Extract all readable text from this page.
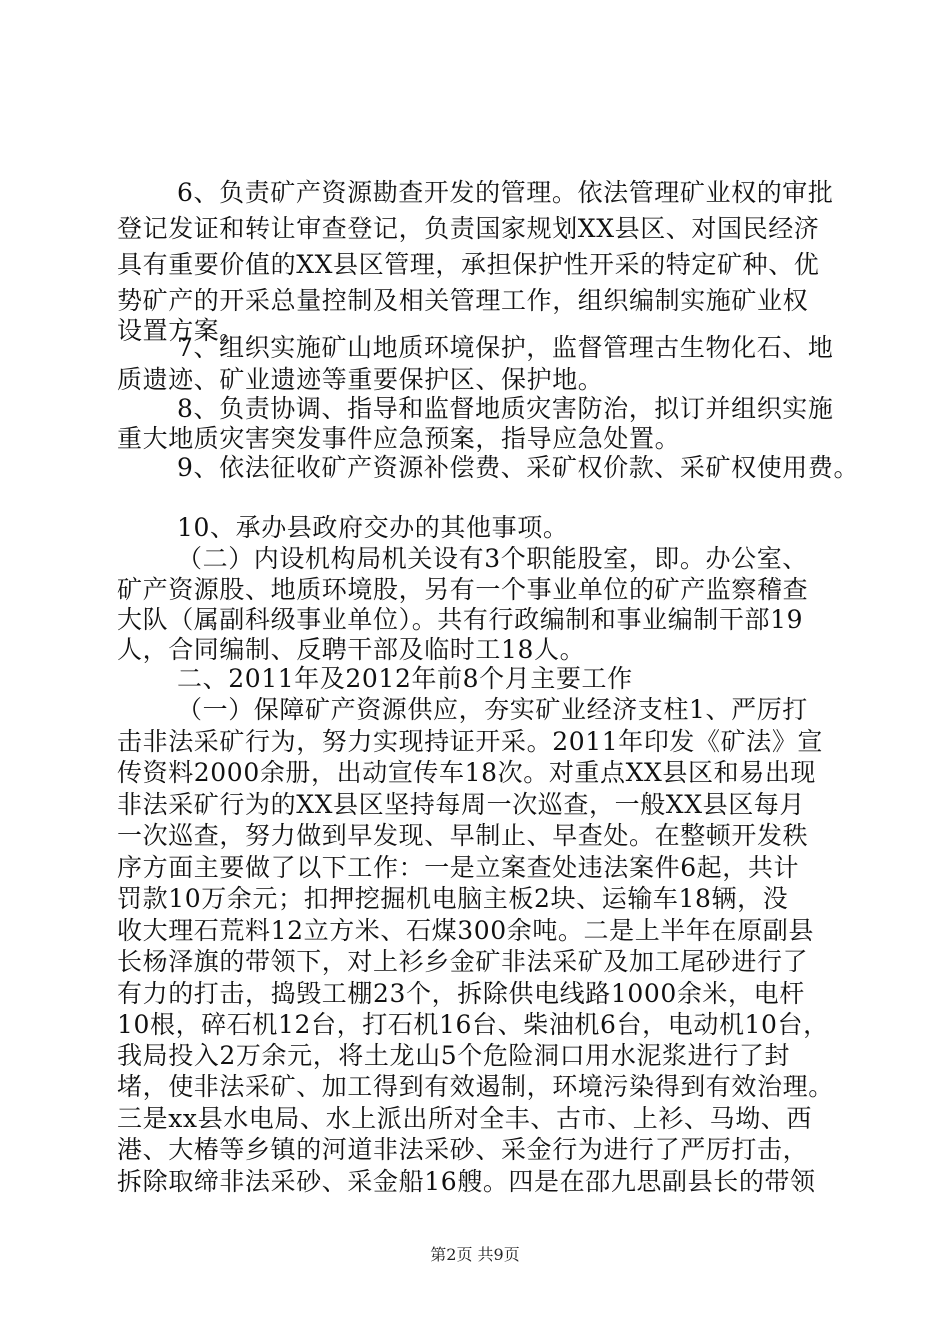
6、负责矿产资源勘查开发的管理。依法管理矿业权的审批
登记发证和转让审查登记，负责国家规划XX县区、对国民经济
具有重要价值的XX县区管理，承担保护性开采的特定矿种、优
势矿产的开采总量控制及相关管理工作，组织编制实施矿业权
设置方案。
7、组织实施矿山地质环境保护，监督管理古生物化石、地
质遗迹、矿业遗迹等重要保护区、保护地。
8、负责协调、指导和监督地质灾害防治，拟订并组织实施
重大地质灾害突发事件应急预案，指导应急处置。
9、依法征收矿产资源补偿费、采矿权价款、采矿权使用费。
10、承办县政府交办的其他事项。
（二）内设机构局机关设有3个职能股室，即。办公室、
矿产资源股、地质环境股，另有一个事业单位的矿产监察稽查
大队（属副科级事业单位）。共有行政编制和事业编制干部19
人，合同编制、反聘干部及临时工18人。
二、2011年及2012年前8个月主要工作
（一）保障矿产资源供应，夯实矿业经济支柱1、严厉打
击非法采矿行为，努力实现持证开采。2011年印发《矿法》宣
传资料2000余册，出动宣传车18次。对重点XX县区和易出现
非法采矿行为的XX县区坚持每周一次巡查，一般XX县区每月
一次巡查，努力做到早发现、早制止、早查处。在整顿开发秩
序方面主要做了以下工作：一是立案查处违法案件6起，共计
罚款10万余元；扣押挖掘机电脑主板2块、运输车18辆，没
收大理石荒料12立方米、石煤300余吨。二是上半年在原副县
长杨泽旗的带领下，对上衫乡金矿非法采矿及加工尾砂进行了
有力的打击，捣毁工棚23个，拆除供电线路1000余米，电杆
10根，碎石机12台，打石机16台、柴油机6台，电动机10台，
我局投入2万余元，将土龙山5个危险洞口用水泥浆进行了封
堵，使非法采矿、加工得到有效遏制，环境污染得到有效治理。
三是xx县水电局、水上派出所对全丰、古市、上衫、马坳、西
港、大椿等乡镇的河道非法采砂、采金行为进行了严厉打击，
拆除取缔非法采砂、采金船16艘。四是在邵九思副县长的带领
第2页 共9页
